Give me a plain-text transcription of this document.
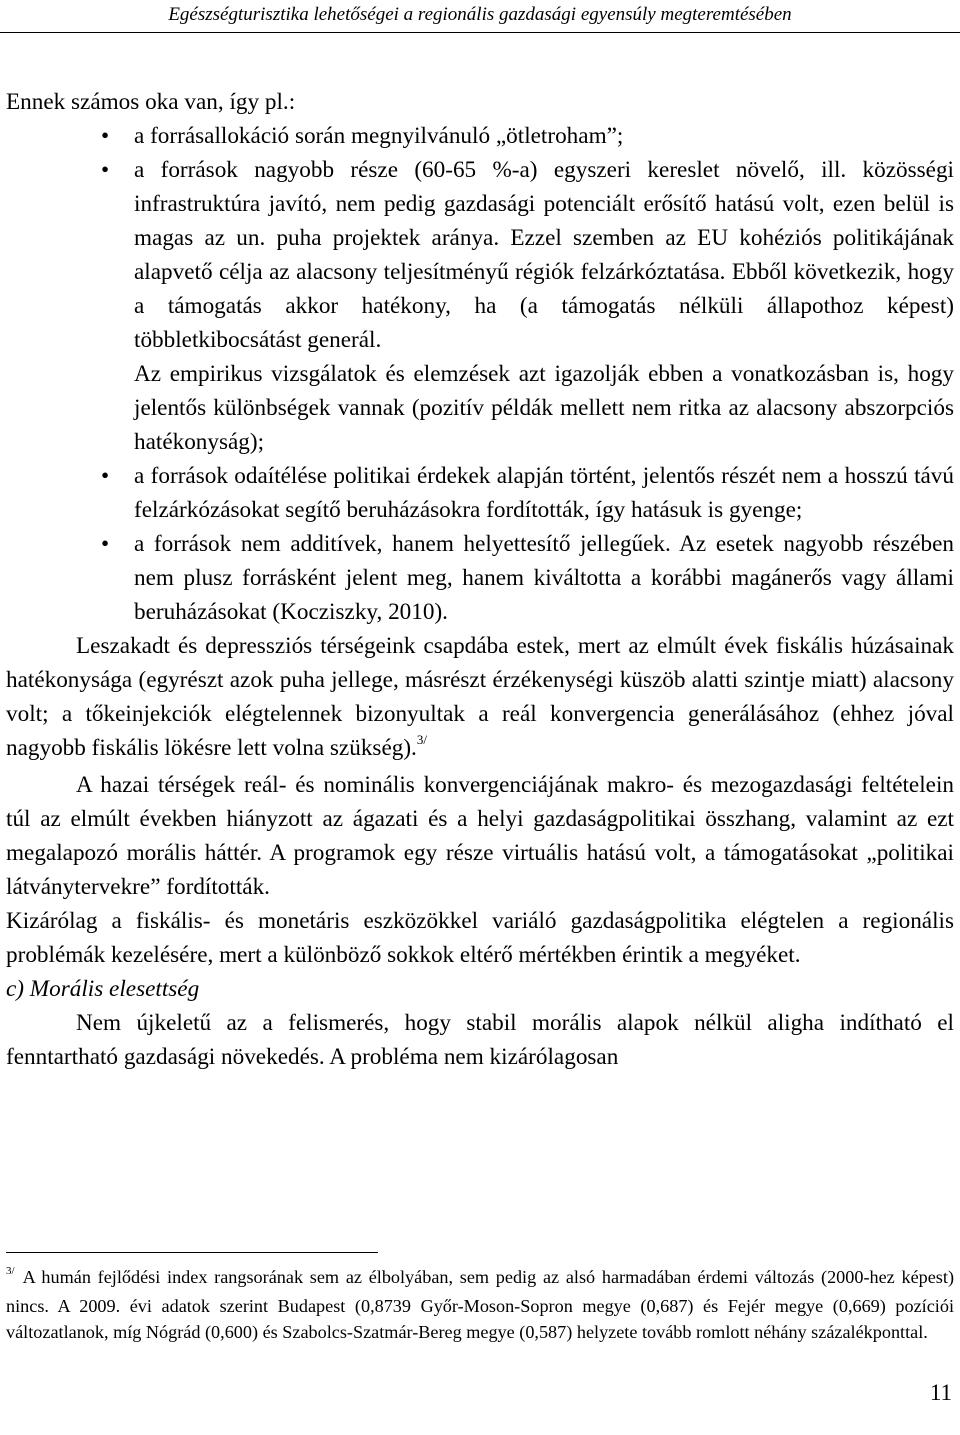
Egészségturisztika lehetőségei a regionális gazdasági egyensúly megteremtésében

Ennek számos oka van, így pl.:

• a forrásallokáció során megnyilvánuló „ötletroham”;
• a források nagyobb része (60-65 %-a) egyszeri kereslet növelő, ill. közösségi infrastruktúra javító, nem pedig gazdasági potenciált erősítő hatású volt, ezen belül is magas az un. puha projektek aránya. Ezzel szemben az EU kohéziós politikájának alapvető célja az alacsony teljesítményű régiók felzárkóztatása. Ebből következik, hogy a támogatás akkor hatékony, ha (a támogatás nélküli állapothoz képest) többletkibocsátást generál.

Az empirikus vizsgálatok és elemzések azt igazolják ebben a vonatkozásban is, hogy jelentős különbségek vannak (pozitív példák mellett nem ritka az alacsony abszorpciós hatékonyság);

• a források odaítélése politikai érdekek alapján történt, jelentős részét nem a hosszú távú felzárkózásokat segítő beruházásokra fordították, így hatásuk is gyenge;
• a források nem additívek, hanem helyettesítő jellegűek. Az esetek nagyobb részében nem plusz forrásként jelent meg, hanem kiváltotta a korábbi magánerős vagy állami beruházásokat (Kocziszky, 2010).

Leszakadt és depressziós térségeink csapdába estek, mert az elmúlt évek fiskális húzásainak hatékonysága (egyrészt azok puha jellege, másrészt érzékenységi küszöb alatti szintje miatt) alacsony volt; a tőkeinjekciók elégtelennek bizonyultak a reál konvergencia generálásához (ehhez jóval nagyobb fiskális lökésre lett volna szükség).$^{3/}$

A hazai térségek reál- és nominális konvergenciájának makro- és mezogazdasági feltételein túl az elmúlt években hiányzott az ágazati és a helyi gazdaságpolitikai összhang, valamint az ezt megalapozó morális háttér. A programok egy része virtuális hatású volt, a támogatásokat „politikai látványtervekre” fordították.

Kizárólag a fiskális- és monetáris eszközökkel variáló gazdaságpolitika elégtelen a regionális problémák kezelésére, mert a különböző sokkok eltérő mértékben érintik a megyéket.

c) Morális elesettség

Nem újkeletű az a felismerés, hogy stabil morális alapok nélkül aligha indítható el fenntartható gazdasági növekedés. A probléma nem kizárólagosan

$^{3/}$ A humán fejlődési index rangsorának sem az élbolyában, sem pedig az alsó harmadában érdemi változás (2000-hez képest) nincs. A 2009. évi adatok szerint Budapest (0,8739 Győr-Moson-Sopron megye (0,687) és Fejér megye (0,669) pozíciói változatlanok, míg Nógrád (0,600) és Szabolcs-Szatmár-Bereg megye (0,587) helyzete tovább romlott néhány százalékponttal.

11
